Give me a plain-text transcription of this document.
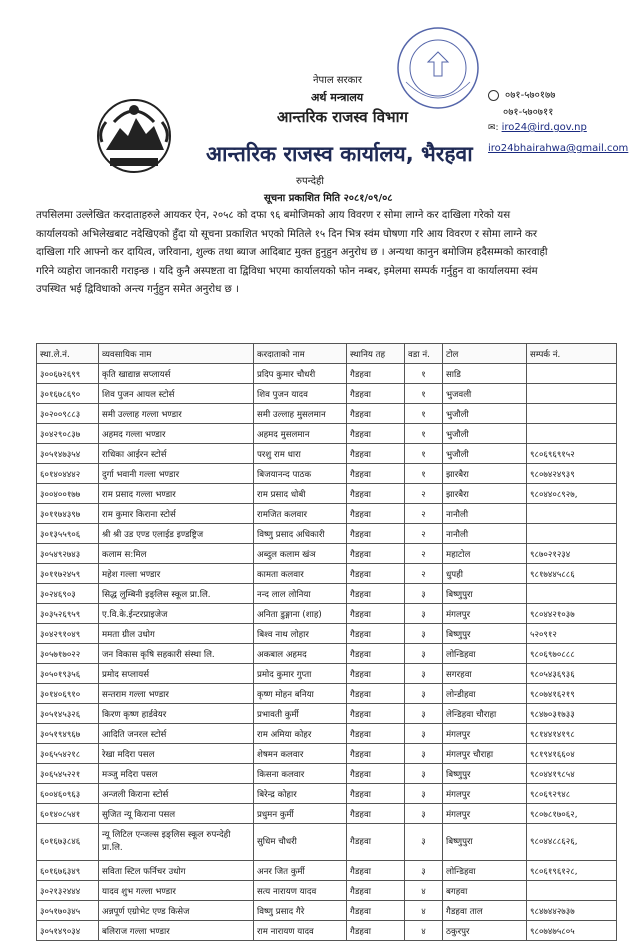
नेपाल सरकार
अर्थ मन्त्रालय
आन्तरिक राजस्व विभाग
आन्तरिक राजस्व कार्यालय, भैरहवा
रुपन्देही
सूचना प्रकाशित मिति २०८१/०९/०८
०७१-५७०१७७
०७१-५७०७११
✉: iro24@ird.gov.np
iro24bhairahwa@gmail.com
तपसिलमा उल्लेखित करदाताहरुले आयकर ऐन, २०५८ को दफा ९६ बमोजिमको आय विवरण र सोमा लाग्ने कर दाखिला गरेको यस
कार्यालयको अभिलेखबाट नदेखिएको हुँदा यो सूचना प्रकाशित भएको मितिले १५ दिन भित्र स्वंम घोषणा गरि आय विवरण र सोमा लाग्ने कर
दाखिला गरि आफ्नो कर दायित्व, जरिवाना, शुल्क तथा ब्याज आदिबाट मुक्त हुनुहुन अनुरोध छ । अन्यथा कानुन बमोजिम हदैसम्मको कारवाही
गरिने व्यहोरा जानकारी गराइन्छ । यदि कुनै अस्पष्टता वा द्विविधा भएमा कार्यालयको फोन नम्बर, इमेलमा सम्पर्क गर्नुहुन वा कार्यालयमा स्वंम
उपस्थित भई द्विविधाको अन्त्य गर्नुहुन समेत अनुरोध छ ।
स्था.ले.नं.	व्यवसायिक नाम	करदाताको नाम	स्थानिय तह	वडा नं.	टोल	सम्पर्क नं.
३००६७२६९९	कृति खाद्यान्न सप्लायर्स	प्रदिप कुमार चौधरी	गैडहवा	१	साडि	
३०१६७८६९०	शिव पुजन आयल स्टोर्स	शिव पुजन यादव	गैडहवा	१	भुजवली	
३०२००९८८३	समी उल्लाह गल्ला भण्डार	समी उल्लाह मुसलमान	गैडहवा	१	भुजौली	
३०४२९०८३७	अहमद गल्ला भण्डार	अहमद मुसलमान	गैडहवा	१	भुजौली	
३०५१४७३५४	राधिका आईरन स्टोर्स	परशु राम धारा	गैडहवा	१	भुजौली	९८०६९६९१५२
६०१४०४४४२	दुर्गा भवानी गल्ला भण्डार	बिजयानन्द पाठक	गैडहवा	१	झारबैरा	९८०७४२४९३९
३००४००१७७	राम प्रसाद गल्ला भण्डार	राम प्रसाद धोबी	गैडहवा	२	झारबैरा	९८०४४०८९२७,
३०११७४३९७	राम कुमार किराना स्टोर्स	रामजित कलवार	गैडहवा	२	नानौली	
३०१३५५९०६	श्री श्री उड एण्ड एलाईड इण्डष्ट्रिज	विष्णु प्रसाद अधिकारी	गैडहवा	२	नानौली	
३०५४९२७४३	कलाम स:मिल	अब्दुल कलाम खंञ	गैडहवा	२	महाटोल	९८७०२१२३४
३०११७२४५९	महेश गल्ला भण्डार	कामता कलवार	गैडहवा	२	धुपही	९८१७४४५८८६
३०२४६९०३	सिद्ध लुम्बिनी इङ्लिस स्कूल प्रा.लि.	नन्द लाल लोनिया	गैडहवा	३	बिष्णुपुरा	
३०३५२६९५९	ए.वि.के.ईन्टरप्राइजेज	अनिता डुङ्गाना (शाह)	गैडहवा	३	मंगलपुर	९८०४४२१०३७
३०४२९१०४९	ममता ग्रील उधोग	बिश्व नाथ लोहार	गैडहवा	३	बिष्णुपुर	५२०९१२
३०५७१७०२२	जन विकास कृषि सहकारी संस्था लि.	अकबाल अहमद	गैडहवा	३	लोन्डिहवा	९८०६९७०८८८
३०५०१९३५६	प्रमोद सप्लायर्स	प्रमोद कुमार गुप्ता	गैडहवा	३	सगरहवा	९८०५४३६९३६
३०१४०६९१०	सन्तराम गल्ला भण्डार	कृष्ण मोहन बनिया	गैडहवा	३	लोन्डीहवा	९८०७४१६२१९
३०५१४५३२६	किरण कृष्ण हार्डवेयर	प्रभावती कुर्मी	गैडहवा	३	लेन्डिहवा चौराहा	९८४७०३१७३३
३०५१९४९६७	आदिति जनरल स्टोर्स	राम अमिया कोहर	गैडहवा	३	मंगलपुर	९८१४४१४१९८
३०६५५४२१८	रेखा मदिरा पसल	शेषमन कलवार	गैडहवा	३	मंगलपुर चौराहा	९८१९४१६६०४
३०६५४५२२१	मञ्जु मदिरा पसल	किसना कलवार	गैडहवा	३	बिष्णुपुर	९८०४४१९८५४
६००४६०९६३	अन्जली किराना स्टोर्स	बिरेन्द्र कोहार	गैडहवा	३	मंगलपुर	९८०६९२९४८
६०१४०८५४१	सुजित न्यू किराना पसल	प्रधुमन कुर्मी	गैडहवा	३	मंगलपुर	९८०७८१७०६२,
६०१६७३८४६	न्यू लिटिल एन्जल्स इङ्लिस स्कूल रुपन्देही प्रा.लि.	सुधिम चौधरी	गैडहवा	३	बिष्णुपुरा	९८०४४८८६२६,
६०१६७६३४९	सविता स्टिल फर्निचर उधोग	अनर जित कुर्मी	गैडहवा	३	लोन्डिहवा	९८०६१९६१२८,
३०२१३२४४४	यादव शुभ गल्ला भण्डार	सत्य नारायण यादव	गैडहवा	४	बगहवा	
३०५१७०३४५	अन्नपूर्ण एग्रोभेट एण्ड किसेज	विष्णु प्रसाद गैरे	गैडहवा	४	गैडहवा ताल	९८४७४४२७३७
३०५१४९०३४	बलिराज गल्ला भण्डार	राम नारायण यादव	गैडहवा	४	ठकुरपुर	९८०७४७५८०५
